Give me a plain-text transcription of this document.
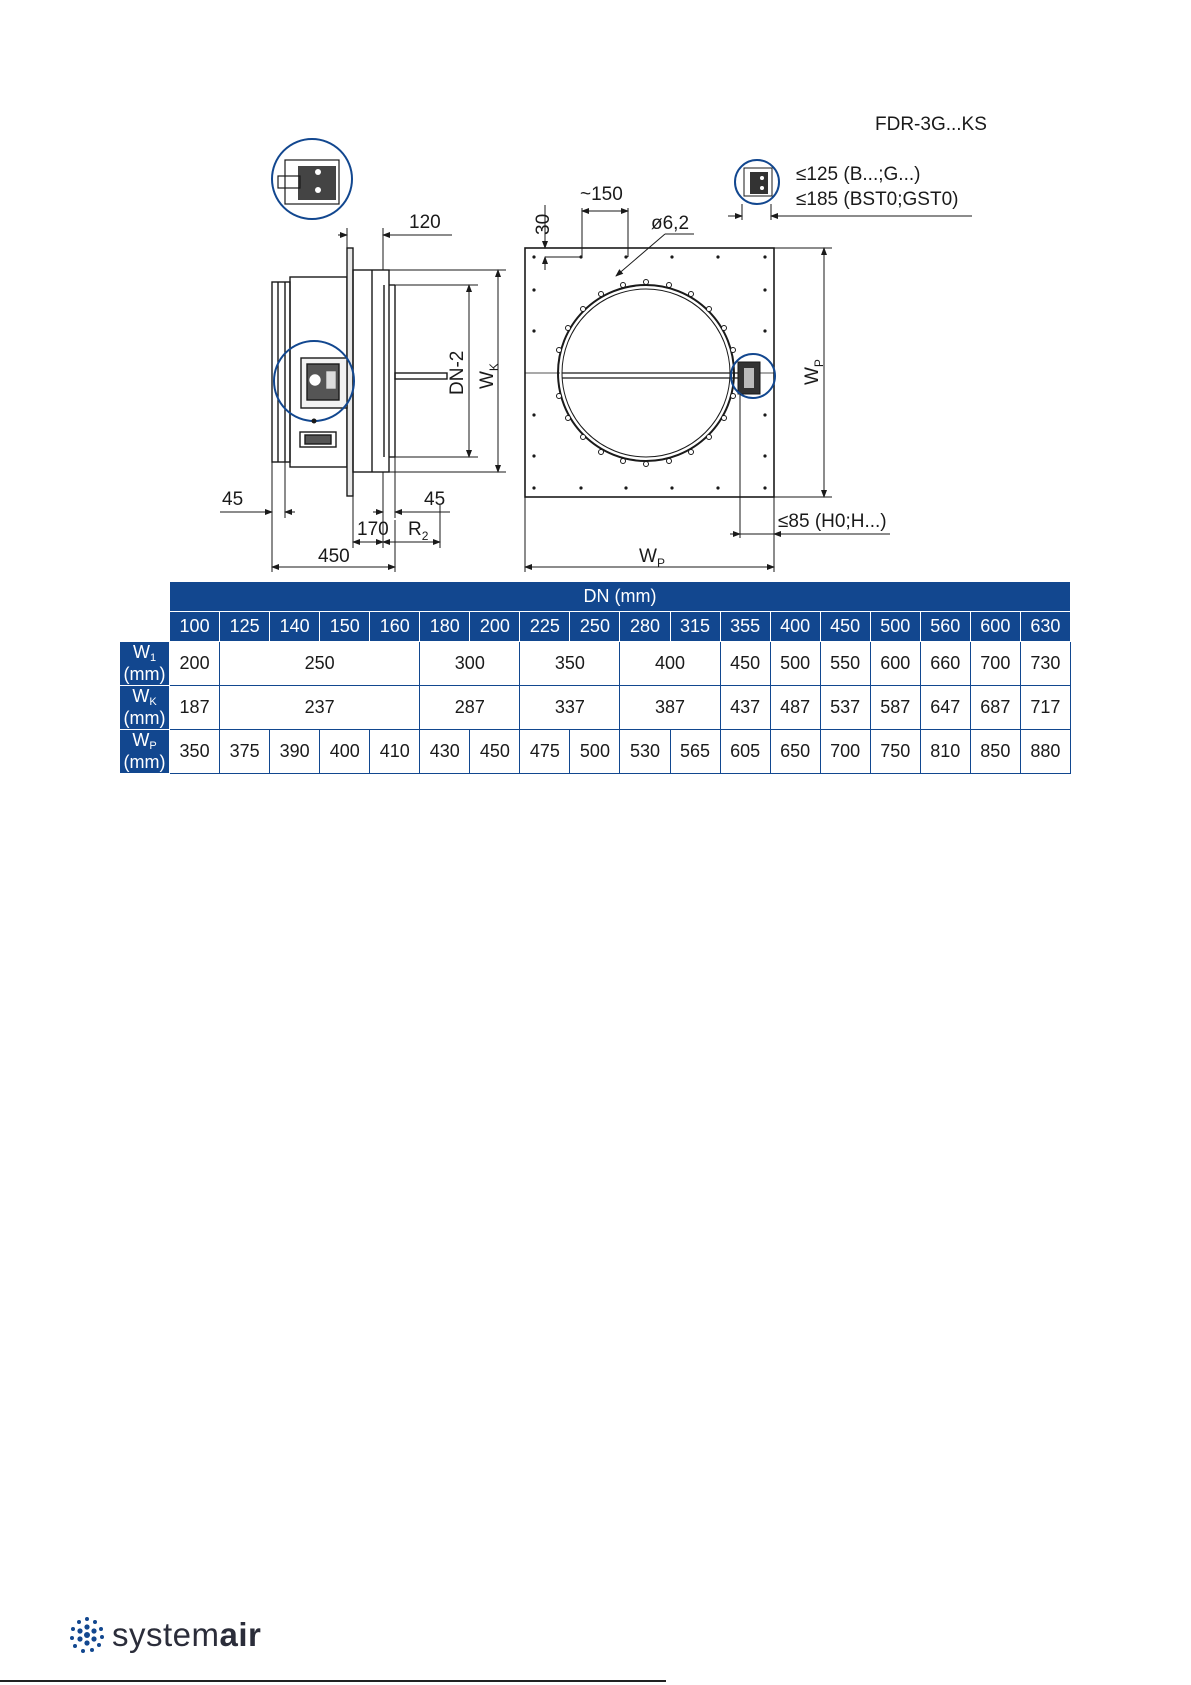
FDR-3G...KS
120
DN-2 $W_K$
45	45
170 $R_2$
450
30
~150
ø6,2
$W_P$
≤85 (H0;H...)
$W_P$
≤125 (B...;G...)
≤185 (BST0;GST0)
	DN (mm)																	
	100	125	140	150	160	180	200	225	250	280	315	355	400	450	500	560	600	630
$W_1$ (mm)	200	250				300		350		400		450	500	550	600	660	700	730
$W_K$ (mm)	187	237				287		337		387		437	487	537	587	647	687	717
$W_P$ (mm)	350	375	390	400	410	430	450	475	500	530	565	605	650	700	750	810	850	880
systemair
